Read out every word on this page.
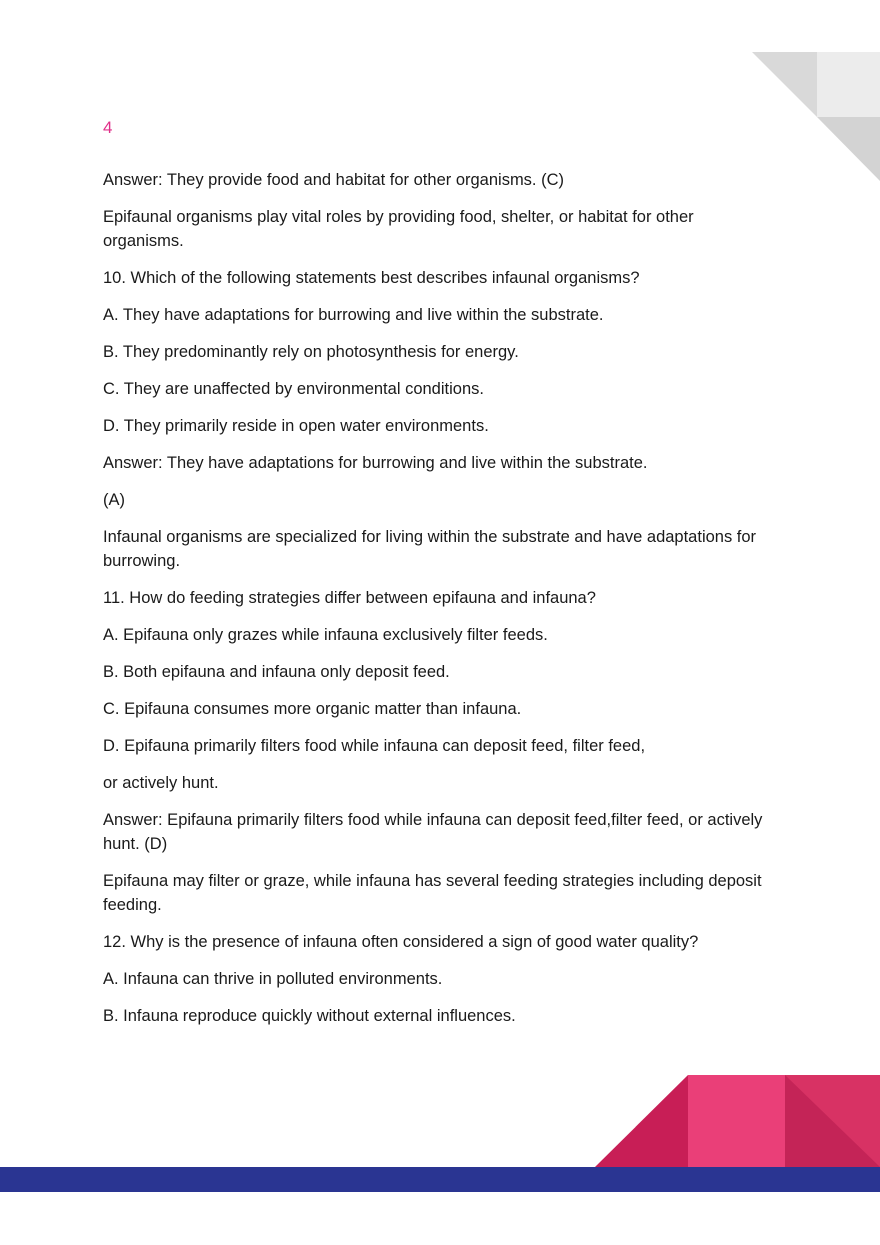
4

Answer: They provide food and habitat for other organisms. (C)

Epifaunal organisms play vital roles by providing food, shelter, or habitat for other organisms.

10. Which of the following statements best describes infaunal organisms?

A. They have adaptations for burrowing and live within the substrate.

B. They predominantly rely on photosynthesis for energy.

C. They are unaffected by environmental conditions.

D. They primarily reside in open water environments.

Answer: They have adaptations for burrowing and live within the substrate.

(A)

Infaunal organisms are specialized for living within the substrate and have adaptations for burrowing.

11. How do feeding strategies differ between epifauna and infauna?

A. Epifauna only grazes while infauna exclusively filter feeds.

B. Both epifauna and infauna only deposit feed.

C. Epifauna consumes more organic matter than infauna.

D. Epifauna primarily filters food while infauna can deposit feed, filter feed,

or actively hunt.

Answer: Epifauna primarily filters food while infauna can deposit feed,filter feed, or actively hunt. (D)

Epifauna may filter or graze, while infauna has several feeding strategies including deposit feeding.

12. Why is the presence of infauna often considered a sign of good water quality?

A. Infauna can thrive in polluted environments.

B. Infauna reproduce quickly without external influences.
